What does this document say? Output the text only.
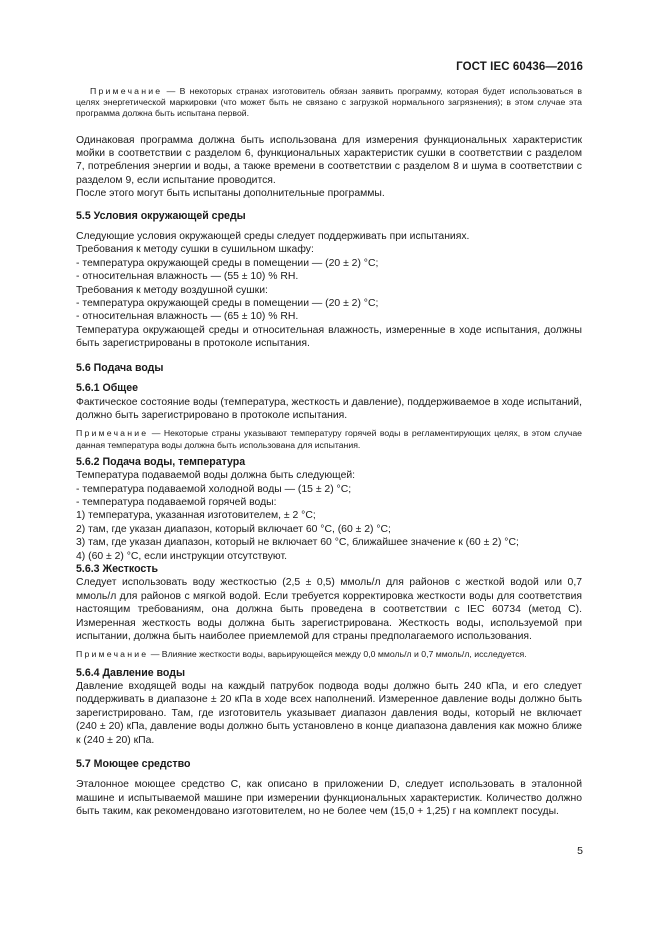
ГОСТ IEC 60436—2016

Примечание — В некоторых странах изготовитель обязан заявить программу, которая будет использоваться в целях энергетической маркировки (что может быть не связано с загрузкой нормального загрязнения); в этом случае эта программа должна быть испытана первой.

Одинаковая программа должна быть использована для измерения функциональных характеристик мойки в соответствии с разделом 6, функциональных характеристик сушки в соответствии с разделом 7, потребления энергии и воды, а также времени в соответствии с разделом 8 и шума в соответствии с разделом 9, если испытание проводится.

После этого могут быть испытаны дополнительные программы.

5.5 Условия окружающей среды

Следующие условия окружающей среды следует поддерживать при испытаниях.

Требования к методу сушки в сушильном шкафу:

- температура окружающей среды в помещении — (20 ± 2) °C;
- относительная влажность — (55 ± 10) % RH.

Требования к методу воздушной сушки:

- температура окружающей среды в помещении — (20 ± 2) °C;
- относительная влажность — (65 ± 10) % RH.

Температура окружающей среды и относительная влажность, измеренные в ходе испытания, должны быть зарегистрированы в протоколе испытания.

5.6 Подача воды
5.6.1 Общее

Фактическое состояние воды (температура, жесткость и давление), поддерживаемое в ходе испытаний, должно быть зарегистрировано в протоколе испытания.

Примечание — Некоторые страны указывают температуру горячей воды в регламентирующих целях, в этом случае данная температура воды должна быть использована для испытания.

5.6.2 Подача воды, температура

Температура подаваемой воды должна быть следующей:

- температура подаваемой холодной воды — (15 ± 2) °C;
- температура подаваемой горячей воды:
1) температура, указанная изготовителем, ± 2 °C;
2) там, где указан диапазон, который включает 60 °C, (60 ± 2) °C;
3) там, где указан диапазон, который не включает 60 °C, ближайшее значение к (60 ± 2) °C;
4) (60 ± 2) °C, если инструкции отсутствуют.
5.6.3 Жесткость

Следует использовать воду жесткостью (2,5 ± 0,5) ммоль/л для районов с жесткой водой или 0,7 ммоль/л для районов с мягкой водой. Если требуется корректировка жесткости воды для соответствия настоящим требованиям, она должна быть проведена в соответствии с IEC 60734 (метод С). Измеренная жесткость воды должна быть зарегистрирована. Жесткость воды, используемой при испытании, должна быть наиболее приемлемой для страны предполагаемого использования.

Примечание — Влияние жесткости воды, варьирующейся между 0,0 ммоль/л и 0,7 ммоль/л, исследуется.

5.6.4 Давление воды

Давление входящей воды на каждый патрубок подвода воды должно быть 240 кПа, и его следует поддерживать в диапазоне ± 20 кПа в ходе всех наполнений. Измеренное давление воды должно быть зарегистрировано. Там, где изготовитель указывает диапазон давления воды, который не включает (240 ± 20) кПа, давление воды должно быть установлено в конце диапазона давления как можно ближе к (240 ± 20) кПа.

5.7 Моющее средство

Эталонное моющее средство С, как описано в приложении D, следует использовать в эталонной машине и испытываемой машине при измерении функциональных характеристик. Количество должно быть таким, как рекомендовано изготовителем, но не более чем (15,0 + 1,25) г на комплект посуды.

5
